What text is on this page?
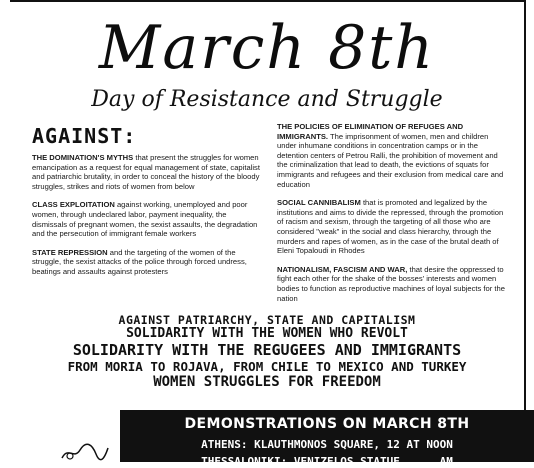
March 8th
Day of Resistance and Struggle
AGAINST:

THE DOMINATION'S MYTHS that present the struggles for women emancipation as a request for equal management of state, capitalist and patriarchic brutality, in order to conceal the history of the bloody struggles, strikes and riots of women from below

CLASS EXPLOITATION against working, unemployed and poor women, through undeclared labor, payment inequality, the dismissals of pregnant women, the sexist assaults, the degradation and the persecution of immigrant female workers

STATE REPRESSION and the targeting of the women of the struggle, the sexist attacks of the police through forced undress, beatings and assaults against protesters

THE POLICIES OF ELIMINATION OF REFUGES AND IMMIGRANTS. The imprisonment of women, men and children under inhumane conditions in concentration camps or in the detention centers of Petrou Ralli, the prohibition of movement and the criminalization that lead to death, the evictions of squats for immigrants and refugees and their exclusion from medical care and education

SOCIAL CANNIBALISM that is promoted and legalized by the institutions and aims to divide the repressed, through the promotion of racism and sexism, through the targeting of all those who are considered "weak" in the social and class hierarchy, through the murders and rapes of women, as in the case of the brutal death of Eleni Topaloudi in Rhodes

NATIONALISM, FASCISM AND WAR, that desire the oppressed to fight each other for the shake of the bosses' interests and women bodies to function as reproductive machines of loyal subjects for the nation

AGAINST PATRIARCHY, STATE AND CAPITALISM
SOLIDARITY WITH THE WOMEN WHO REVOLT
SOLIDARITY WITH THE REGUGEES AND IMMIGRANTS
FROM MORIA TO ROJAVA, FROM CHILE TO MEXICO AND TURKEY
WOMEN STRUGGLES FOR FREEDOM
DEMONSTRATIONS ON MARCH 8TH
ATHENS: KLAUTHMONOS SQUARE, 12 AT NOON
THESSALONIKI: VENIZELOS STATUE, ... AM
